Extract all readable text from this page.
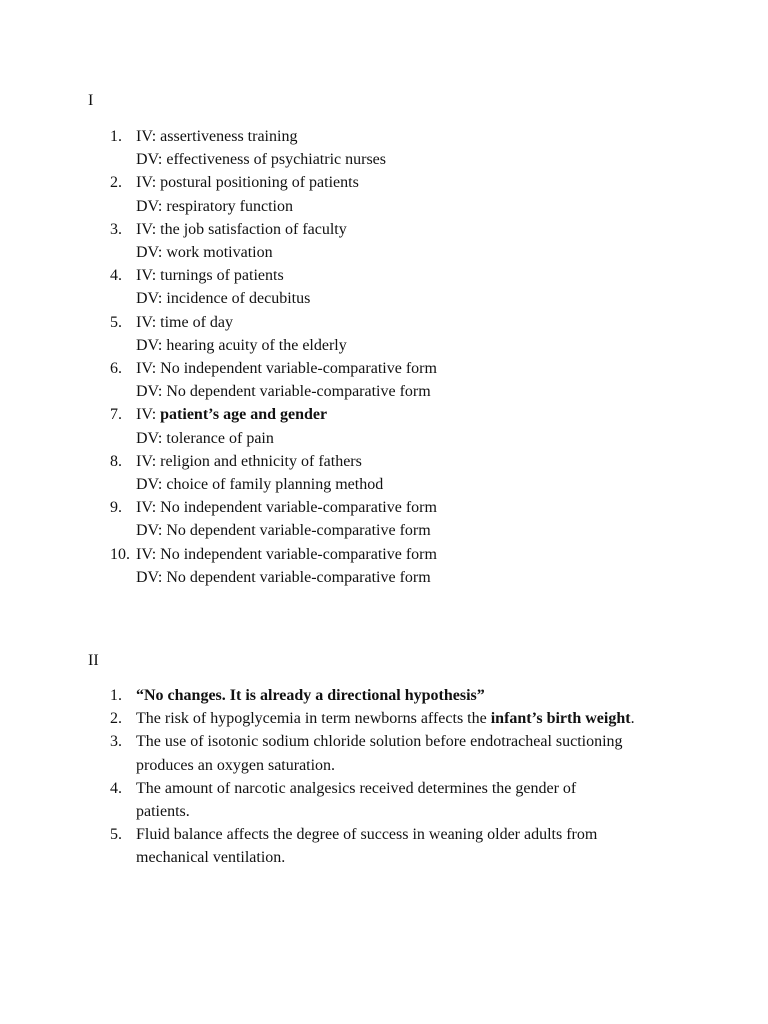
I
1. IV: assertiveness training
DV: effectiveness of psychiatric nurses
2. IV: postural positioning of patients
DV: respiratory function
3. IV: the job satisfaction of faculty
DV: work motivation
4. IV: turnings of patients
DV: incidence of decubitus
5. IV: time of day
DV: hearing acuity of the elderly
6. IV: No independent variable-comparative form
DV: No dependent variable-comparative form
7. IV: patient’s age and gender
DV: tolerance of pain
8. IV: religion and ethnicity of fathers
DV: choice of family planning method
9. IV: No independent variable-comparative form
DV: No dependent variable-comparative form
10. IV: No independent variable-comparative form
DV: No dependent variable-comparative form
II
1. “No changes. It is already a directional hypothesis”
2. The risk of hypoglycemia in term newborns affects the infant’s birth weight.
3. The use of isotonic sodium chloride solution before endotracheal suctioning
produces an oxygen saturation.
4. The amount of narcotic analgesics received determines the gender of
patients.
5. Fluid balance affects the degree of success in weaning older adults from
mechanical ventilation.
